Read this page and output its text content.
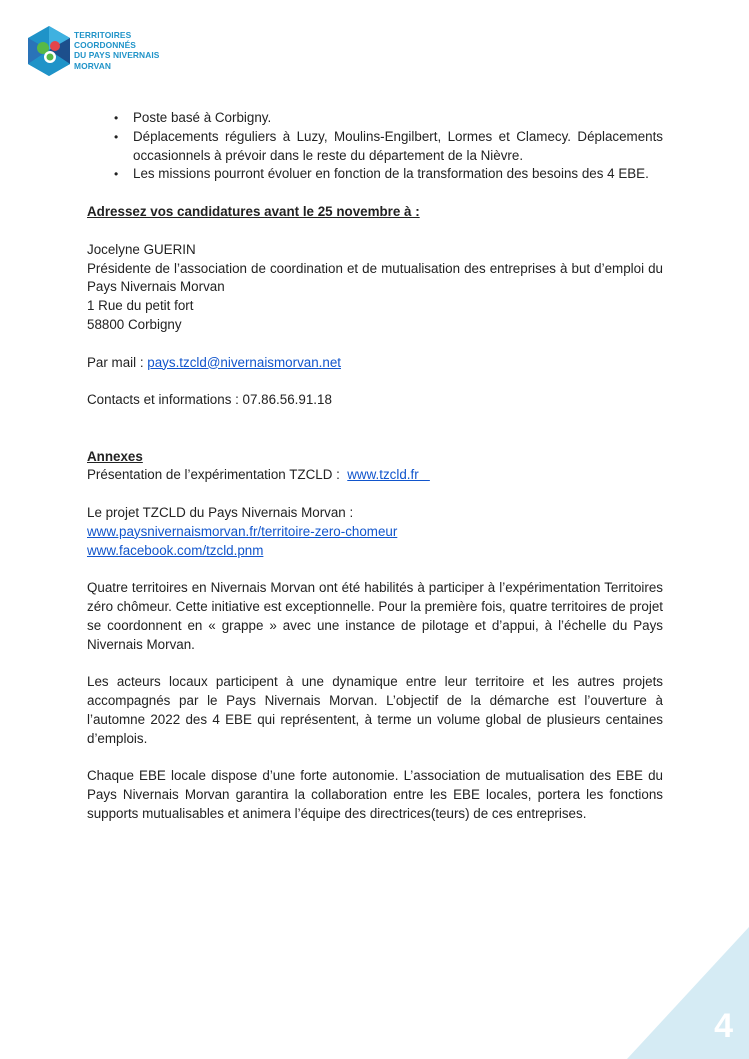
TERRITOIRES
COORDONNÉS
DU PAYS NIVERNAIS
MORVAN
• Poste basé à Corbigny.
• Déplacements réguliers à Luzy, Moulins-Engilbert, Lormes et Clamecy. Déplacements occasionnels à prévoir dans le reste du département de la Nièvre.
• Les missions pourront évoluer en fonction de la transformation des besoins des 4 EBE.

Adressez vos candidatures avant le 25 novembre à :

Jocelyne GUERIN

Présidente de l’association de coordination et de mutualisation des entreprises à but d’emploi du Pays Nivernais Morvan

1 Rue du petit fort

58800 Corbigny

Par mail : pays.tzcld@nivernaismorvan.net

Contacts et informations : 07.86.56.91.18

Annexes

Présentation de l’expérimentation TZCLD :  www.tzcld.fr

Le projet TZCLD du Pays Nivernais Morvan :

www.paysnivernaismorvan.fr/territoire-zero-chomeur

www.facebook.com/tzcld.pnm

Quatre territoires en Nivernais Morvan ont été habilités à participer à l’expérimentation Territoires zéro chômeur. Cette initiative est exceptionnelle. Pour la première fois, quatre territoires de projet se coordonnent en « grappe » avec une instance de pilotage et d’appui, à l’échelle du Pays Nivernais Morvan.

Les acteurs locaux participent à une dynamique entre leur territoire et les autres projets accompagnés par le Pays Nivernais Morvan. L’objectif de la démarche est l’ouverture à l’automne 2022 des 4 EBE qui représentent, à terme un volume global de plusieurs centaines d’emplois.

Chaque EBE locale dispose d’une forte autonomie. L’association de mutualisation des EBE du Pays Nivernais Morvan garantira la collaboration entre les EBE locales, portera les fonctions supports mutualisables et animera l’équipe des directrices(teurs) de ces entreprises.

4
